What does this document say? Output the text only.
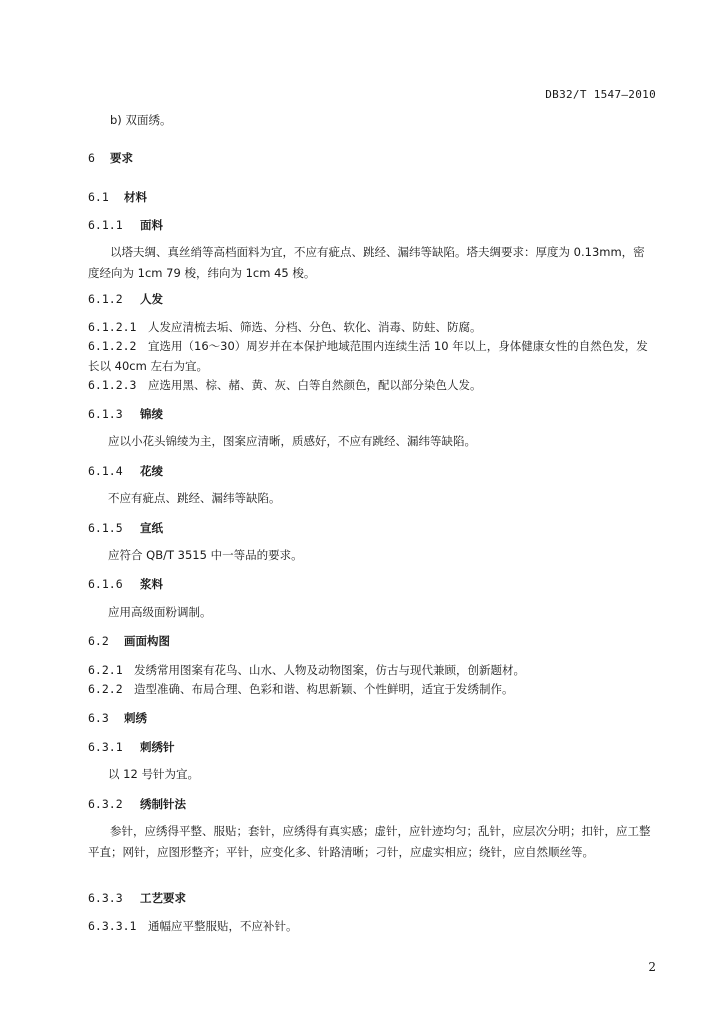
DB32/T 1547—2010
b) 双面绣。
6 要求
6.1 材料
6.1.1 面料
以塔夫绸、真丝绡等高档面料为宜，不应有疵点、跳经、漏纬等缺陷。塔夫绸要求：厚度为 0.13mm，密度经向为 1cm 79 梭，纬向为 1cm 45 梭。
6.1.2 人发
6.1.2.1 人发应清梳去垢、筛选、分档、分色、软化、消毒、防蛀、防腐。
6.1.2.2 宜选用（16～30）周岁并在本保护地域范围内连续生活 10 年以上，身体健康女性的自然色发，发长以 40cm 左右为宜。
6.1.2.3 应选用黑、棕、赭、黄、灰、白等自然颜色，配以部分染色人发。
6.1.3 锦绫
应以小花头锦绫为主，图案应清晰，质感好，不应有跳经、漏纬等缺陷。
6.1.4 花绫
不应有疵点、跳经、漏纬等缺陷。
6.1.5 宣纸
应符合 QB/T 3515 中一等品的要求。
6.1.6 浆料
应用高级面粉调制。
6.2 画面构图
6.2.1 发绣常用图案有花鸟、山水、人物及动物图案，仿古与现代兼顾，创新题材。
6.2.2 造型准确、布局合理、色彩和谐、构思新颖、个性鲜明，适宜于发绣制作。
6.3 刺绣
6.3.1 刺绣针
以 12 号针为宜。
6.3.2 绣制针法
参针，应绣得平整、服贴；套针，应绣得有真实感；虚针，应针迹均匀；乱针，应层次分明；扣针，应工整平直；网针，应图形整齐；平针，应变化多、针路清晰；刁针，应虚实相应；绕针，应自然顺丝等。
6.3.3 工艺要求
6.3.3.1 通幅应平整服贴，不应补针。
2
